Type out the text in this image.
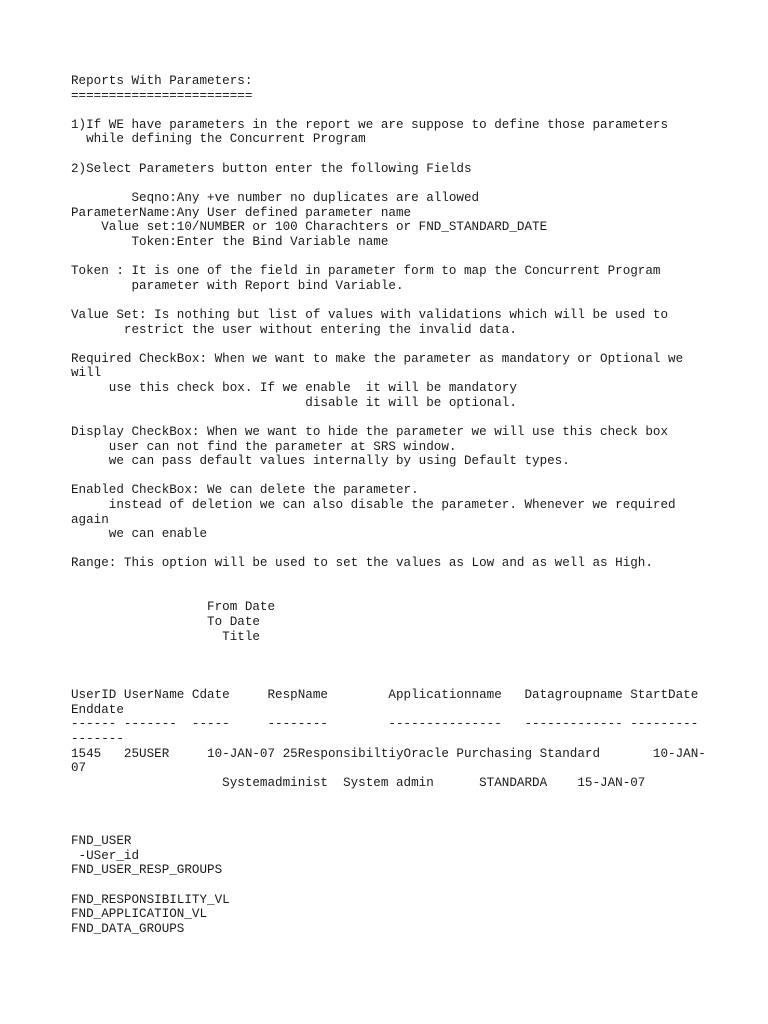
Reports With Parameters:
========================
1)If WE have parameters in the report we are suppose to define those parameters
while defining the Concurrent Program
2)Select Parameters button enter the following Fields
Seqno:Any +ve number no duplicates are allowed
ParameterName:Any User defined parameter name
Value set:10/NUMBER or 100 Charachters or FND_STANDARD_DATE
Token:Enter the Bind Variable name
Token : It is one of the field in parameter form to map the Concurrent Program
parameter with Report bind Variable.
Value Set: Is nothing but list of values with validations which will be used to
restrict the user without entering the invalid data.
Required CheckBox: When we want to make the parameter as mandatory or Optional we
will
use this check box. If we enable  it will be mandatory
disable it will be optional.
Display CheckBox: When we want to hide the parameter we will use this check box
user can not find the parameter at SRS window.
we can pass default values internally by using Default types.
Enabled CheckBox: We can delete the parameter.
instead of deletion we can also disable the parameter. Whenever we required
again
we can enable
Range: This option will be used to set the values as Low and as well as High.
From Date
To Date
Title
UserID UserName Cdate     RespName        Applicationname   Datagroupname StartDate
Enddate
------ -------  -----     --------        ---------------   ------------- ---------
-------
1545   25USER     10-JAN-07 25ResponsibiltiyOracle Purchasing Standard       10-JAN-
07
Systemadminist  System admin      STANDARDA    15-JAN-07
FND_USER
-USer_id
FND_USER_RESP_GROUPS
FND_RESPONSIBILITY_VL
FND_APPLICATION_VL
FND_DATA_GROUPS
